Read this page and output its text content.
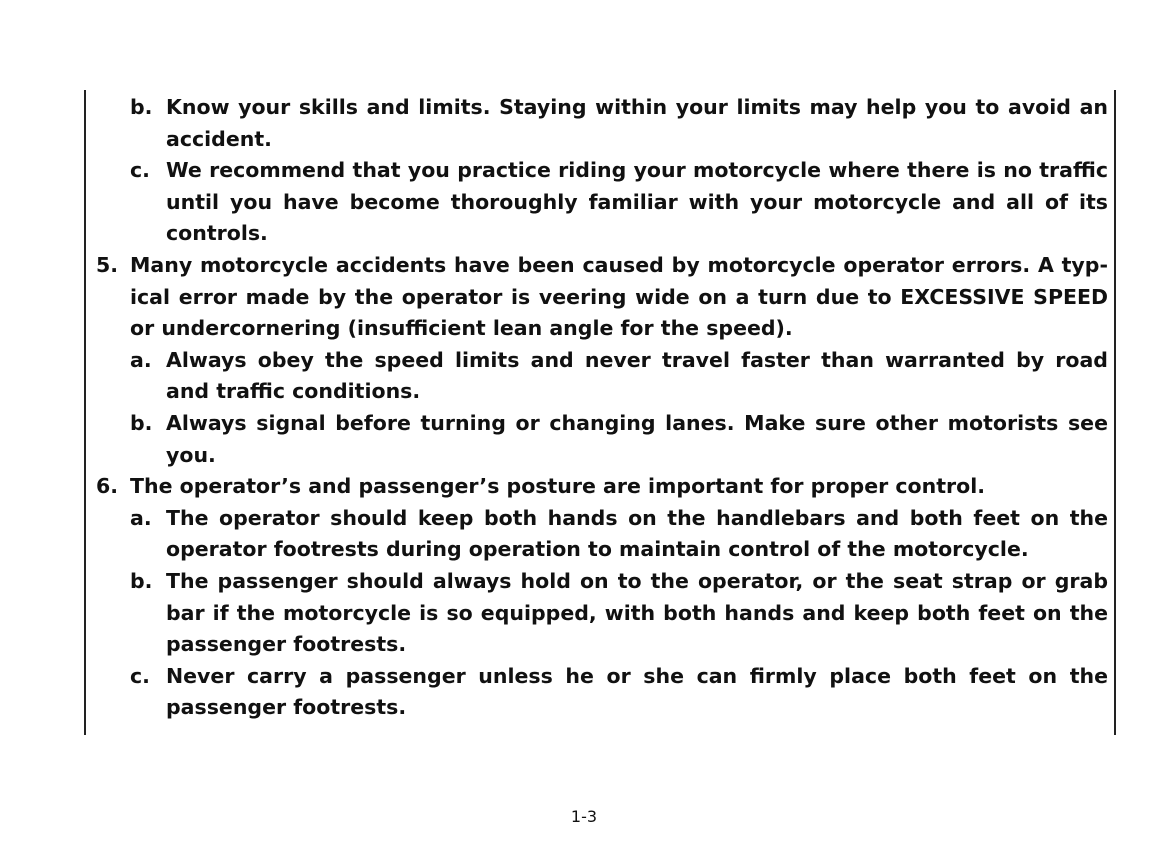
b. Know your skills and limits. Staying within your limits may help you to avoid an accident.
c. We recommend that you practice riding your motorcycle where there is no traffic until you have become thoroughly familiar with your motorcycle and all of its controls.
5. Many motorcycle accidents have been caused by motorcycle operator errors. A typical error made by the operator is veering wide on a turn due to EXCESSIVE SPEED or undercornering (insufficient lean angle for the speed).
a. Always obey the speed limits and never travel faster than warranted by road and traffic conditions.
b. Always signal before turning or changing lanes. Make sure other motorists see you.
6. The operator’s and passenger’s posture are important for proper control.
a. The operator should keep both hands on the handlebars and both feet on the operator footrests during operation to maintain control of the motorcycle.
b. The passenger should always hold on to the operator, or the seat strap or grab bar if the motorcycle is so equipped, with both hands and keep both feet on the passenger footrests.
c. Never carry a passenger unless he or she can firmly place both feet on the passenger footrests.
1-3
